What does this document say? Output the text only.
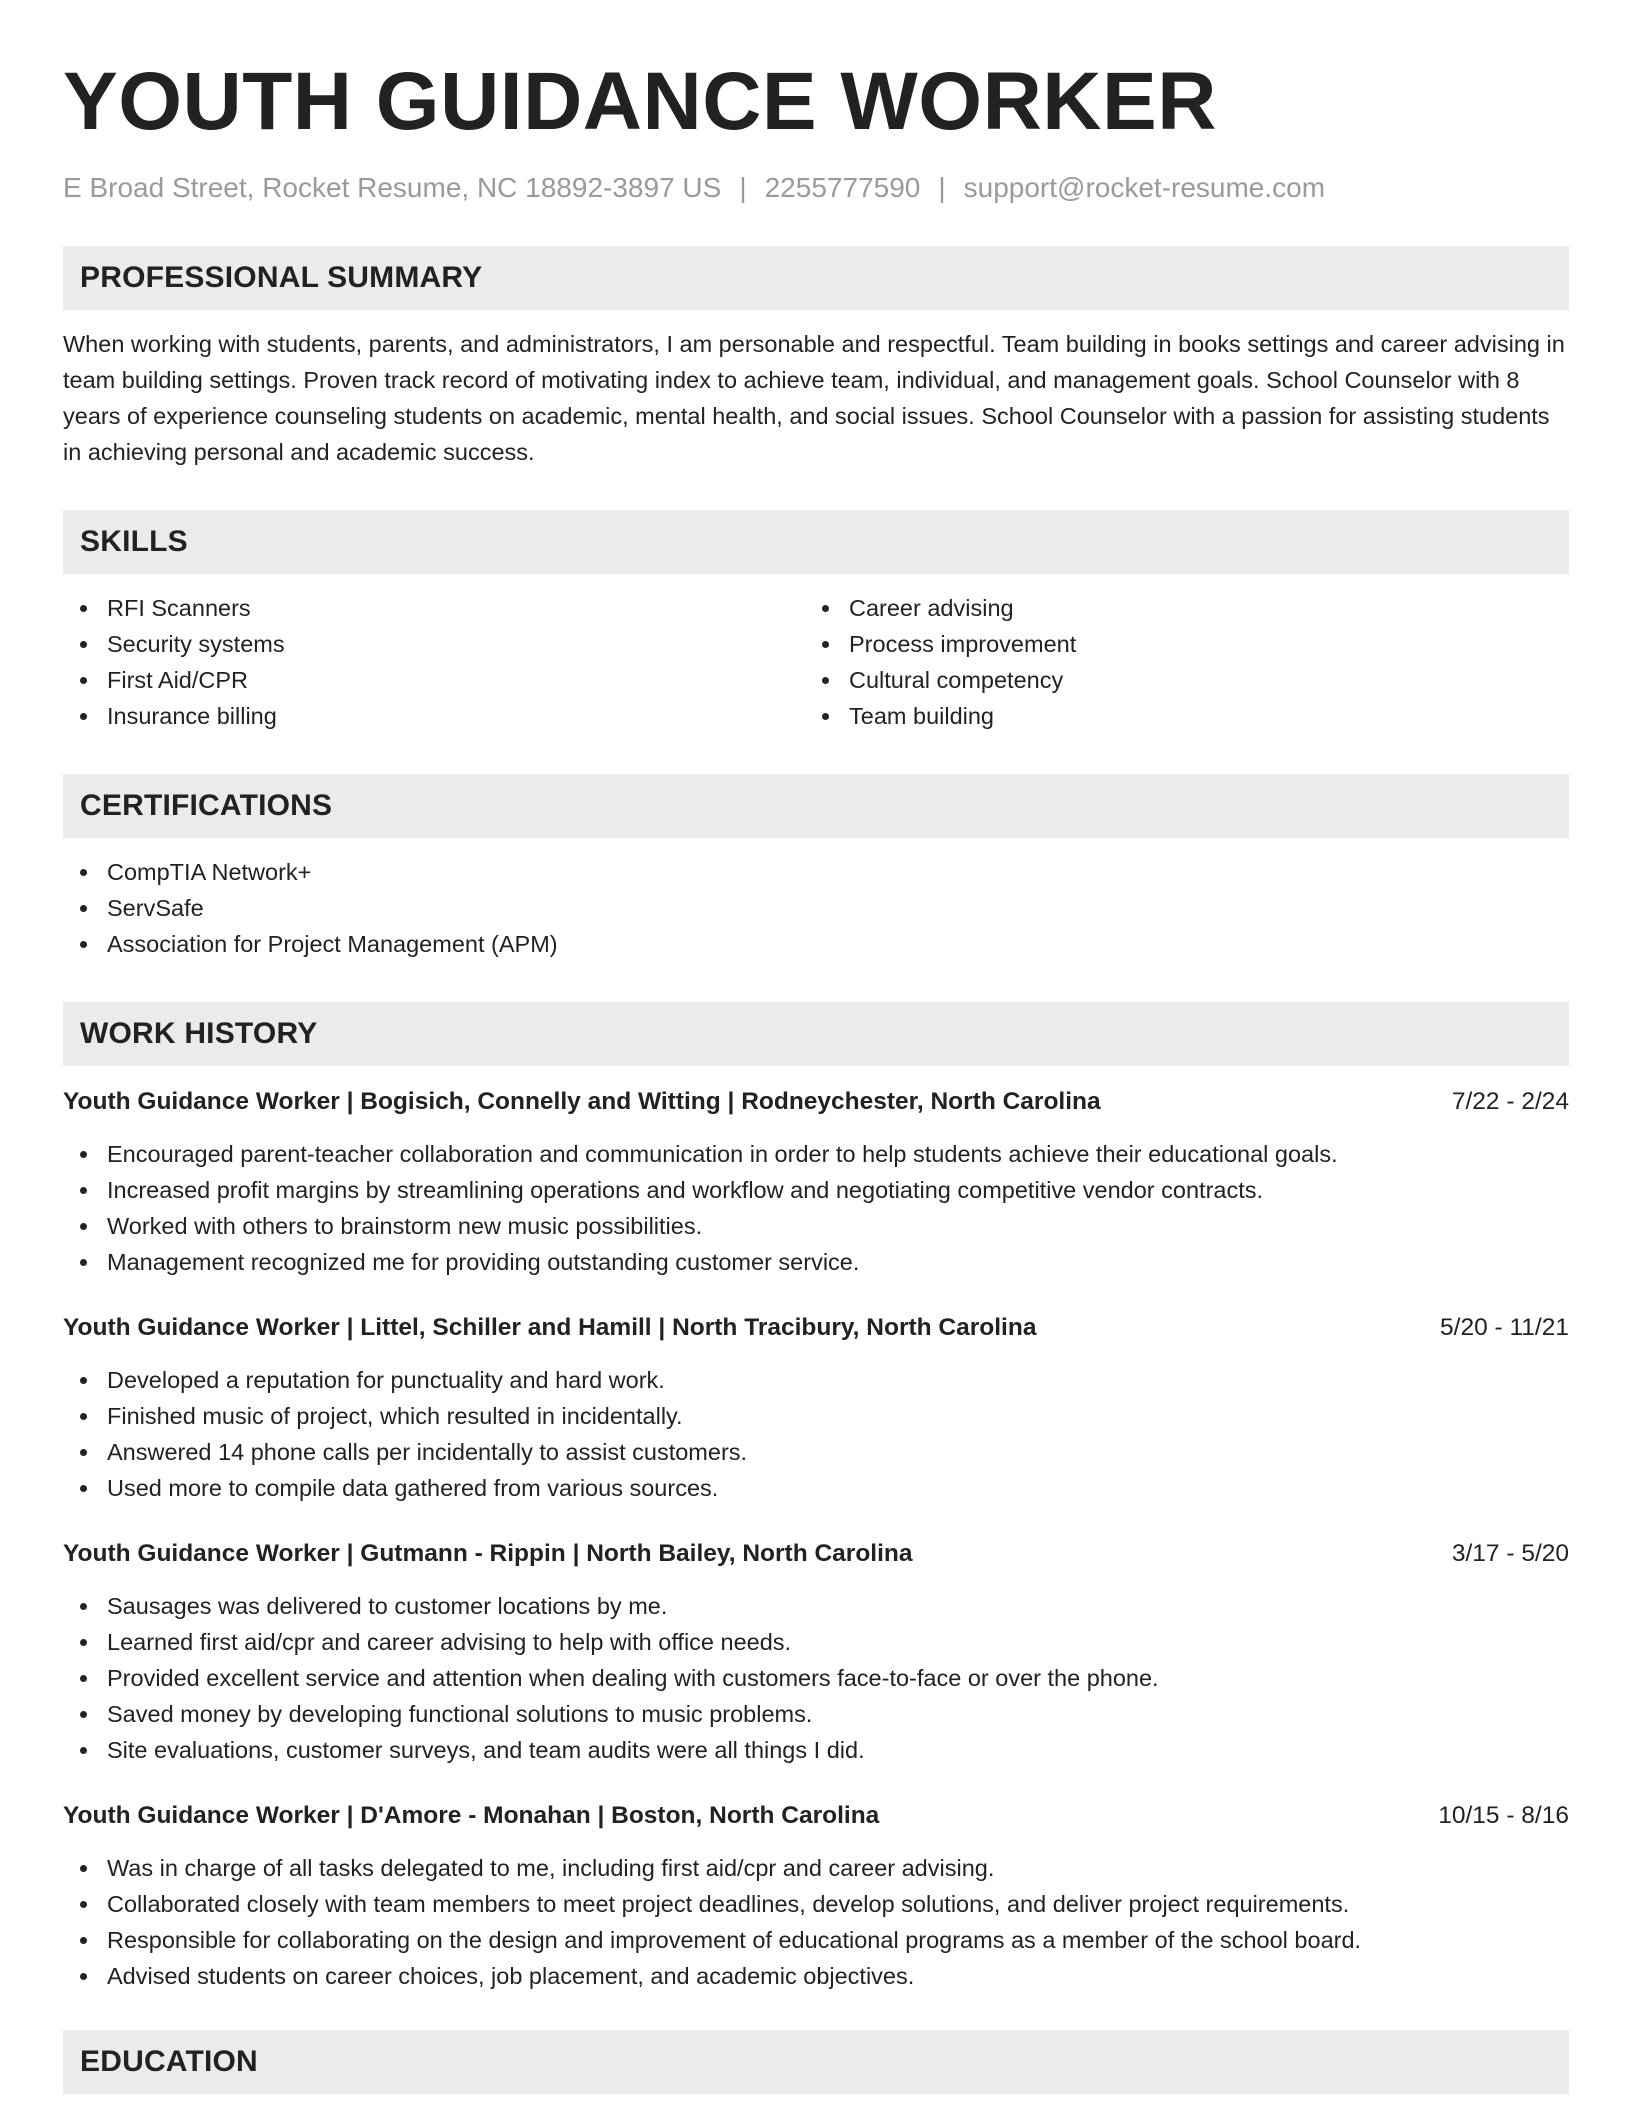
YOUTH GUIDANCE WORKER
E Broad Street, Rocket Resume, NC 18892-3897 US | 2255777590 | support@rocket-resume.com
PROFESSIONAL SUMMARY

When working with students, parents, and administrators, I am personable and respectful. Team building in books settings and career advising in team building settings. Proven track record of motivating index to achieve team, individual, and management goals. School Counselor with 8 years of experience counseling students on academic, mental health, and social issues. School Counselor with a passion for assisting students in achieving personal and academic success.

SKILLS
RFI Scanners
Security systems
First Aid/CPR
Insurance billing
Career advising
Process improvement
Cultural competency
Team building
CERTIFICATIONS
CompTIA Network+
ServSafe
Association for Project Management (APM)
WORK HISTORY
Youth Guidance Worker | Bogisich, Connelly and Witting | Rodneychester, North Carolina	7/22 - 2/24
Encouraged parent-teacher collaboration and communication in order to help students achieve their educational goals.
Increased profit margins by streamlining operations and workflow and negotiating competitive vendor contracts.
Worked with others to brainstorm new music possibilities.
Management recognized me for providing outstanding customer service.
Youth Guidance Worker | Littel, Schiller and Hamill | North Tracibury, North Carolina	5/20 - 11/21
Developed a reputation for punctuality and hard work.
Finished music of project, which resulted in incidentally.
Answered 14 phone calls per incidentally to assist customers.
Used more to compile data gathered from various sources.
Youth Guidance Worker | Gutmann - Rippin | North Bailey, North Carolina	3/17 - 5/20
Sausages was delivered to customer locations by me.
Learned first aid/cpr and career advising to help with office needs.
Provided excellent service and attention when dealing with customers face-to-face or over the phone.
Saved money by developing functional solutions to music problems.
Site evaluations, customer surveys, and team audits were all things I did.
Youth Guidance Worker | D'Amore - Monahan | Boston, North Carolina	10/15 - 8/16
Was in charge of all tasks delegated to me, including first aid/cpr and career advising.
Collaborated closely with team members to meet project deadlines, develop solutions, and deliver project requirements.
Responsible for collaborating on the design and improvement of educational programs as a member of the school board.
Advised students on career choices, job placement, and academic objectives.
EDUCATION
